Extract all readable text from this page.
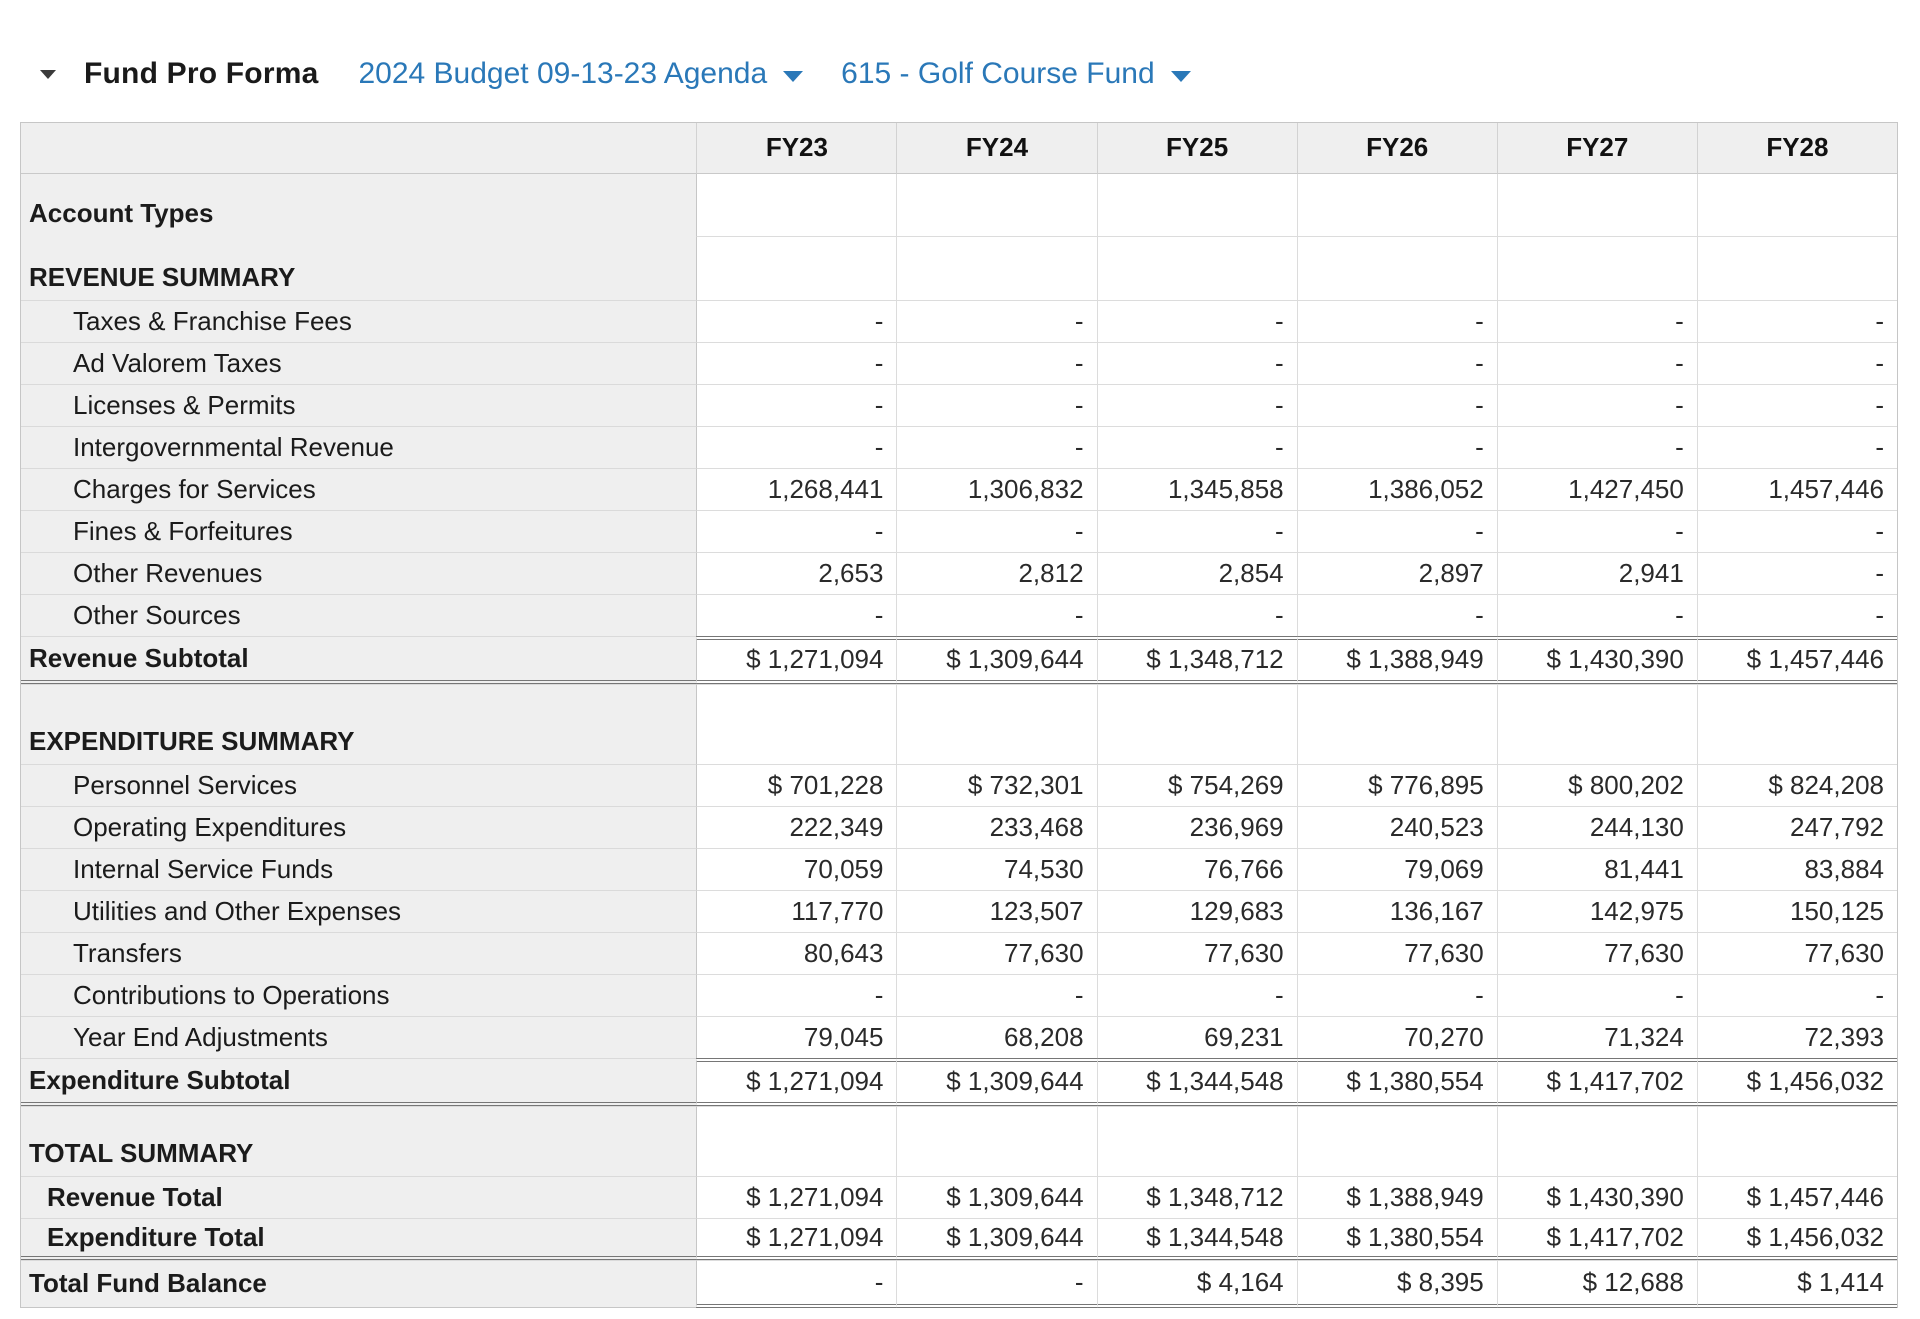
Fund Pro Forma 2024 Budget 09-13-23 Agenda 615 - Golf Course Fund
	FY23	FY24	FY25	FY26	FY27	FY28
Account Types						
REVENUE SUMMARY						
Taxes & Franchise Fees	-	-	-	-	-	-
Ad Valorem Taxes	-	-	-	-	-	-
Licenses & Permits	-	-	-	-	-	-
Intergovernmental Revenue	-	-	-	-	-	-
Charges for Services	1,268,441	1,306,832	1,345,858	1,386,052	1,427,450	1,457,446
Fines & Forfeitures	-	-	-	-	-	-
Other Revenues	2,653	2,812	2,854	2,897	2,941	-
Other Sources	-	-	-	-	-	-
Revenue Subtotal	$ 1,271,094	$ 1,309,644	$ 1,348,712	$ 1,388,949	$ 1,430,390	$ 1,457,446
EXPENDITURE SUMMARY						
Personnel Services	$ 701,228	$ 732,301	$ 754,269	$ 776,895	$ 800,202	$ 824,208
Operating Expenditures	222,349	233,468	236,969	240,523	244,130	247,792
Internal Service Funds	70,059	74,530	76,766	79,069	81,441	83,884
Utilities and Other Expenses	117,770	123,507	129,683	136,167	142,975	150,125
Transfers	80,643	77,630	77,630	77,630	77,630	77,630
Contributions to Operations	-	-	-	-	-	-
Year End Adjustments	79,045	68,208	69,231	70,270	71,324	72,393
Expenditure Subtotal	$ 1,271,094	$ 1,309,644	$ 1,344,548	$ 1,380,554	$ 1,417,702	$ 1,456,032
TOTAL SUMMARY						
Revenue Total	$ 1,271,094	$ 1,309,644	$ 1,348,712	$ 1,388,949	$ 1,430,390	$ 1,457,446
Expenditure Total	$ 1,271,094	$ 1,309,644	$ 1,344,548	$ 1,380,554	$ 1,417,702	$ 1,456,032
Total Fund Balance	-	-	$ 4,164	$ 8,395	$ 12,688	$ 1,414
